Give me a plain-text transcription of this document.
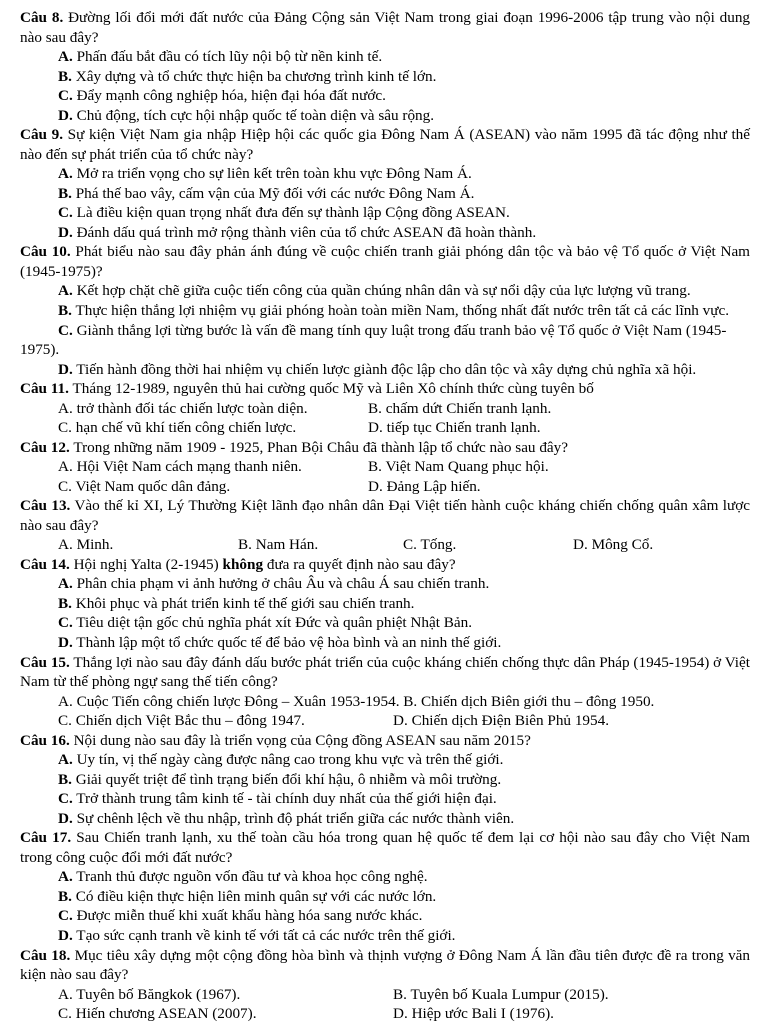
Câu 8. Đường lối đổi mới đất nước của Đảng Cộng sản Việt Nam trong giai đoạn 1996-2006 tập trung vào nội dung nào sau đây?

A. Phấn đấu bắt đầu có tích lũy nội bộ từ nền kinh tế.

B. Xây dựng và tổ chức thực hiện ba chương trình kinh tế lớn.

C. Đẩy mạnh công nghiệp hóa, hiện đại hóa đất nước.

D. Chủ động, tích cực hội nhập quốc tế toàn diện và sâu rộng.

Câu 9. Sự kiện Việt Nam gia nhập Hiệp hội các quốc gia Đông Nam Á (ASEAN) vào năm 1995 đã tác động như thế nào đến sự phát triển của tổ chức này?

A. Mở ra triển vọng cho sự liên kết trên toàn khu vực Đông Nam Á.

B. Phá thế bao vây, cấm vận của Mỹ đối với các nước Đông Nam Á.

C. Là điều kiện quan trọng nhất đưa đến sự thành lập Cộng đồng ASEAN.

D. Đánh dấu quá trình mở rộng thành viên của tổ chức ASEAN đã hoàn thành.

Câu 10. Phát biểu nào sau đây phản ánh đúng về cuộc chiến tranh giải phóng dân tộc và bảo vệ Tổ quốc ở Việt Nam (1945-1975)?

A. Kết hợp chặt chẽ giữa cuộc tiến công của quần chúng nhân dân và sự nổi dậy của lực lượng vũ trang.

B. Thực hiện thắng lợi nhiệm vụ giải phóng hoàn toàn miền Nam, thống nhất đất nước trên tất cả các lĩnh vực.

C. Giành thắng lợi từng bước là vấn đề mang tính quy luật trong đấu tranh bảo vệ Tổ quốc ở Việt Nam (1945-1975).

D. Tiến hành đồng thời hai nhiệm vụ chiến lược giành độc lập cho dân tộc và xây dựng chủ nghĩa xã hội.

Câu 11. Tháng 12-1989, nguyên thủ hai cường quốc Mỹ và Liên Xô chính thức cùng tuyên bố

A. trở thành đối tác chiến lược toàn diện.	B. chấm dứt Chiến tranh lạnh.
C. hạn chế vũ khí tiến công chiến lược.	D. tiếp tục Chiến tranh lạnh.

Câu 12. Trong những năm 1909 - 1925, Phan Bội Châu đã thành lập tổ chức nào sau đây?

A. Hội Việt Nam cách mạng thanh niên.	B. Việt Nam Quang phục hội.
C. Việt Nam quốc dân đảng.	D. Đảng Lập hiến.

Câu 13. Vào thế kỉ XI, Lý Thường Kiệt lãnh đạo nhân dân Đại Việt tiến hành cuộc kháng chiến chống quân xâm lược nào sau đây?

A. Minh.	B. Nam Hán.	C. Tống.	D. Mông Cổ.

Câu 14. Hội nghị Yalta (2-1945) không đưa ra quyết định nào sau đây?

A. Phân chia phạm vi ảnh hưởng ở châu Âu và châu Á sau chiến tranh.

B. Khôi phục và phát triển kinh tế thế giới sau chiến tranh.

C. Tiêu diệt tận gốc chủ nghĩa phát xít Đức và quân phiệt Nhật Bản.

D. Thành lập một tổ chức quốc tế để bảo vệ hòa bình và an ninh thế giới.

Câu 15. Thắng lợi nào sau đây đánh dấu bước phát triển của cuộc kháng chiến chống thực dân Pháp (1945-1954) ở Việt Nam từ thế phòng ngự sang thế tiến công?

A. Cuộc Tiến công chiến lược Đông – Xuân 1953-1954. B. Chiến dịch Biên giới thu – đông 1950.
C. Chiến dịch Việt Bắc thu – đông 1947.	D. Chiến dịch Điện Biên Phủ 1954.

Câu 16. Nội dung nào sau đây là triển vọng của Cộng đồng ASEAN sau năm 2015?

A. Uy tín, vị thế ngày càng được nâng cao trong khu vực và trên thế giới.

B. Giải quyết triệt để tình trạng biến đổi khí hậu, ô nhiễm và môi trường.

C. Trở thành trung tâm kinh tế - tài chính duy nhất của thế giới hiện đại.

D. Sự chênh lệch về thu nhập, trình độ phát triển giữa các nước thành viên.

Câu 17. Sau Chiến tranh lạnh, xu thế toàn cầu hóa trong quan hệ quốc tế đem lại cơ hội nào sau đây cho Việt Nam trong công cuộc đổi mới đất nước?

A. Tranh thủ được nguồn vốn đầu tư và khoa học công nghệ.

B. Có điều kiện thực hiện liên minh quân sự với các nước lớn.

C. Được miễn thuế khi xuất khẩu hàng hóa sang nước khác.

D. Tạo sức cạnh tranh về kinh tế với tất cả các nước trên thế giới.

Câu 18. Mục tiêu xây dựng một cộng đồng hòa bình và thịnh vượng ở Đông Nam Á lần đầu tiên được đề ra trong văn kiện nào sau đây?

A. Tuyên bố Băngkok (1967).	B. Tuyên bố Kuala Lumpur (2015).
C. Hiến chương ASEAN (2007).	D. Hiệp ước Bali I (1976).
